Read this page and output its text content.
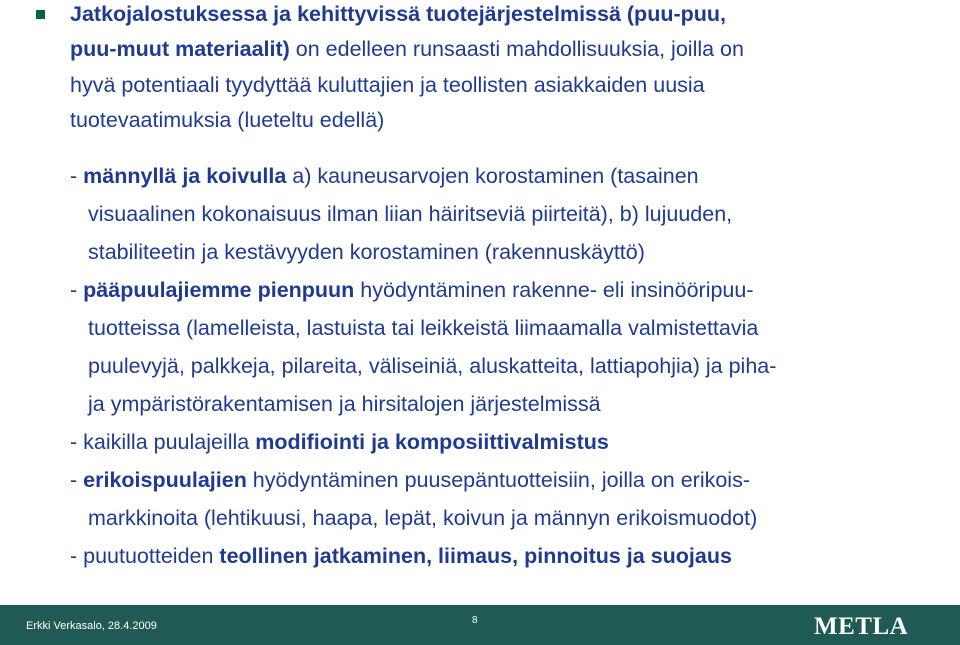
Jatkojalostuksessa ja kehittyvissä tuotejärjestelmissä (puu-puu,
puu-muut materiaalit) on edelleen runsaasti mahdollisuuksia, joilla on
hyvä potentiaali tyydyttää kuluttajien ja teollisten asiakkaiden uusia
tuotevaatimuksia (lueteltu edellä)
- männyllä ja koivulla a) kauneusarvojen korostaminen (tasainen
visuaalinen kokonaisuus ilman liian häiritseviä piirteitä), b) lujuuden,
stabiliteetin ja kestävyyden korostaminen (rakennuskäyttö)
- pääpuulajiemme pienpuun hyödyntäminen rakenne- eli insinööripuu-
tuotteissa (lamelleista, lastuista tai leikkeistä liimaamalla valmistettavia
puulevyjä, palkkeja, pilareita, väliseiniä, aluskatteita, lattiapohjia) ja piha-
ja ympäristörakentamisen ja hirsitalojen järjestelmissä
- kaikilla puulajeilla modifiointi ja komposiittivalmistus
- erikoispuulajien hyödyntäminen puusepäntuotteisiin, joilla on erikois-
markkinoita (lehtikuusi, haapa, lepät, koivun ja männyn erikoismuodot)
- puutuotteiden teollinen jatkaminen, liimaus, pinnoitus ja suojaus
Erkki Verkasalo, 28.4.2009	8	METLA
